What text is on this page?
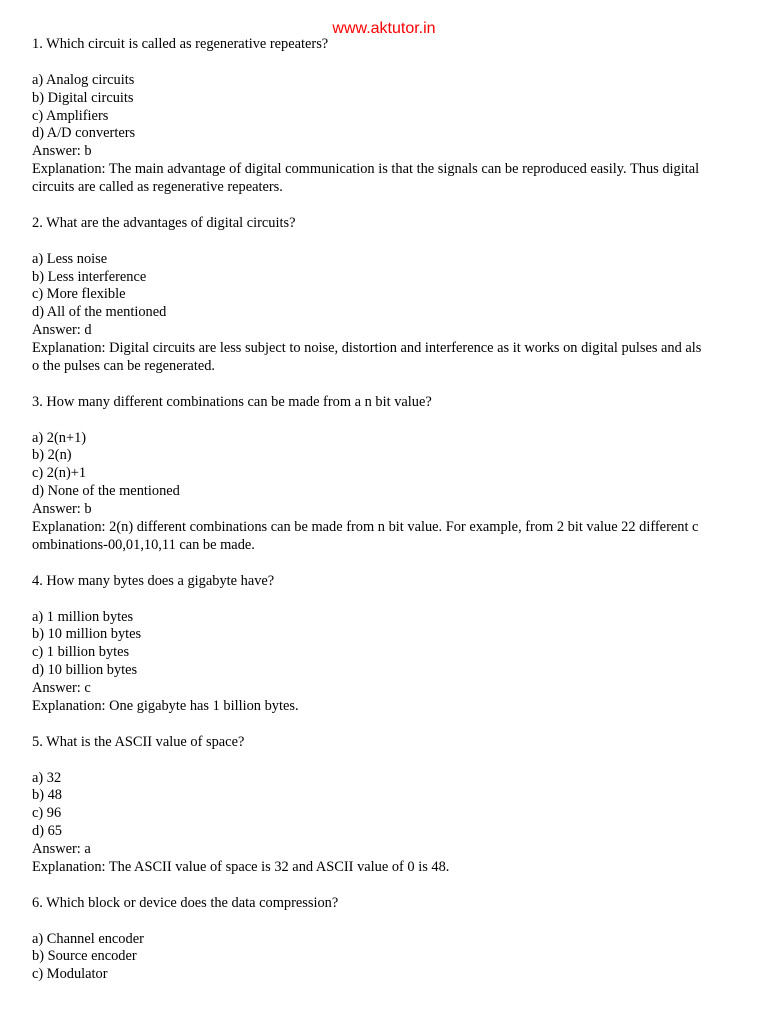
www.aktutor.in
1. Which circuit is called as regenerative repeaters?
a) Analog circuits
b) Digital circuits
c) Amplifiers
d) A/D converters
Answer: b
Explanation: The main advantage of digital communication is that the signals can be reproduced easily. Thus digital
circuits are called as regenerative repeaters.
2. What are the advantages of digital circuits?
a) Less noise
b) Less interference
c) More flexible
d) All of the mentioned
Answer: d
Explanation: Digital circuits are less subject to noise, distortion and interference as it works on digital pulses and als
o the pulses can be regenerated.
3. How many different combinations can be made from a n bit value?
a) 2(n+1)
b) 2(n)
c) 2(n)+1
d) None of the mentioned
Answer: b
Explanation: 2(n) different combinations can be made from n bit value. For example, from 2 bit value 22 different c
ombinations-00,01,10,11 can be made.
4. How many bytes does a gigabyte have?
a) 1 million bytes
b) 10 million bytes
c) 1 billion bytes
d) 10 billion bytes
Answer: c
Explanation: One gigabyte has 1 billion bytes.
5. What is the ASCII value of space?
a) 32
b) 48
c) 96
d) 65
Answer: a
Explanation: The ASCII value of space is 32 and ASCII value of 0 is 48.
6. Which block or device does the data compression?
a) Channel encoder
b) Source encoder
c) Modulator
